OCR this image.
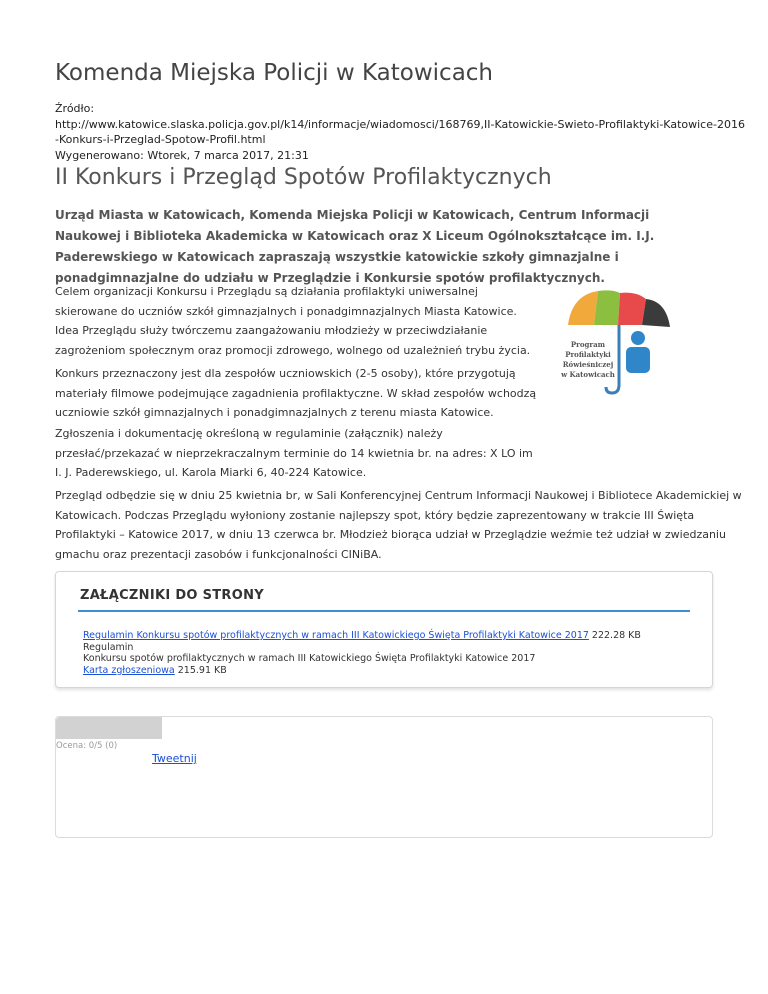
Komenda Miejska Policji w Katowicach
Źródło:
http://www.katowice.slaska.policja.gov.pl/k14/informacje/wiadomosci/168769,II-Katowickie-Swieto-Profilaktyki-Katowice-2016
-Konkurs-i-Przeglad-Spotow-Profil.html
Wygenerowano: Wtorek, 7 marca 2017, 21:31
II Konkurs i Przegląd Spotów Profilaktycznych

Urząd Miasta w Katowicach, Komenda Miejska Policji w Katowicach, Centrum Informacji Naukowej i Biblioteka Akademicka w Katowicach oraz X Liceum Ogólnokształcące im. I.J. Paderewskiego w Katowicach zapraszają wszystkie katowickie szkoły gimnazjalne i ponadgimnazjalne do udziału w Przeglądzie i Konkursie spotów profilaktycznych.

Celem organizacji Konkursu i Przeglądu są działania profilaktyki uniwersalnej
skierowane do uczniów szkół gimnazjalnych i ponadgimnazjalnych Miasta Katowice.
Idea Przeglądu służy twórczemu zaangażowaniu młodzieży w przeciwdziałanie
zagrożeniom społecznym oraz promocji zdrowego, wolnego od uzależnień trybu życia.

Konkurs przeznaczony jest dla zespołów uczniowskich (2-5 osoby), które przygotują
materiały filmowe podejmujące zagadnienia profilaktyczne. W skład zespołów wchodzą
uczniowie szkół gimnazjalnych i ponadgimnazjalnych z terenu miasta Katowice.

Zgłoszenia i dokumentację określoną w regulaminie (załącznik) należy
przesłać/przekazać w nieprzekraczalnym terminie do 14 kwietnia br. na adres: X LO im
I. J. Paderewskiego, ul. Karola Miarki 6, 40-224 Katowice.

Przegląd odbędzie się w dniu 25 kwietnia br, w Sali Konferencyjnej Centrum Informacji Naukowej i Bibliotece Akademickiej w
Katowicach. Podczas Przeglądu wyłoniony zostanie najlepszy spot, który będzie zaprezentowany w trakcie III Święta
Profilaktyki – Katowice 2017, w dniu 13 czerwca br. Młodzież biorąca udział w Przeglądzie weźmie też udział w zwiedzaniu
gmachu oraz prezentacji zasobów i funkcjonalności CINiBA.

Program
Profilaktyki
Rówieśniczej
w Katowicach
ZAŁĄCZNIKI DO STRONY
Regulamin Konkursu spotów profilaktycznych w ramach III Katowickiego Święta Profilaktyki Katowice 2017 222.28 KB Regulamin
Konkursu spotów profilaktycznych w ramach III Katowickiego Święta Profilaktyki Katowice 2017
Karta zgłoszeniowa 215.91 KB
Ocena: 0/5 (0)
Tweetnij
